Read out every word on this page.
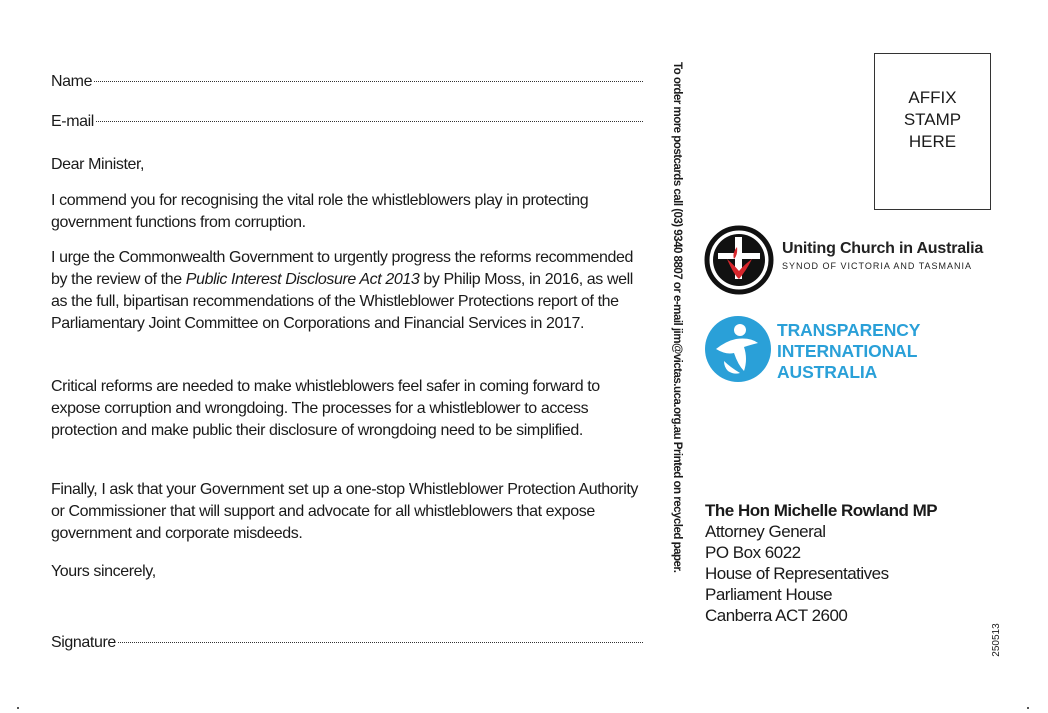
Name
E-mail

Dear Minister,

I commend you for recognising the vital role the whistleblowers play in protecting government functions from corruption.

I urge the Commonwealth Government to urgently progress the reforms recommended by the review of the Public Interest Disclosure Act 2013 by Philip Moss, in 2016, as well as the full, bipartisan recommendations of the Whistleblower Protections report of the Parliamentary Joint Committee on Corporations and Financial Services in 2017.

Critical reforms are needed to make whistleblowers feel safer in coming forward to expose corruption and wrongdoing. The processes for a whistleblower to access protection and make public their disclosure of wrongdoing need to be simplified.

Finally, I ask that your Government set up a one-stop Whistleblower Protection Authority or Commissioner that will support and advocate for all whistleblowers that expose government and corporate misdeeds.

Yours sincerely,

Signature
To order more postcards call (03) 9340 8807 or e-mail jim@victas.uca.org.au Printed on recycled paper.	AFFIX
STAMP
HERE
Uniting Church in Australia
SYNOD OF VICTORIA AND TASMANIA
TRANSPARENCY
INTERNATIONAL
AUSTRALIA
The Hon Michelle Rowland MP
Attorney General
PO Box 6022
House of Representatives
Parliament House
Canberra ACT 2600
250513
